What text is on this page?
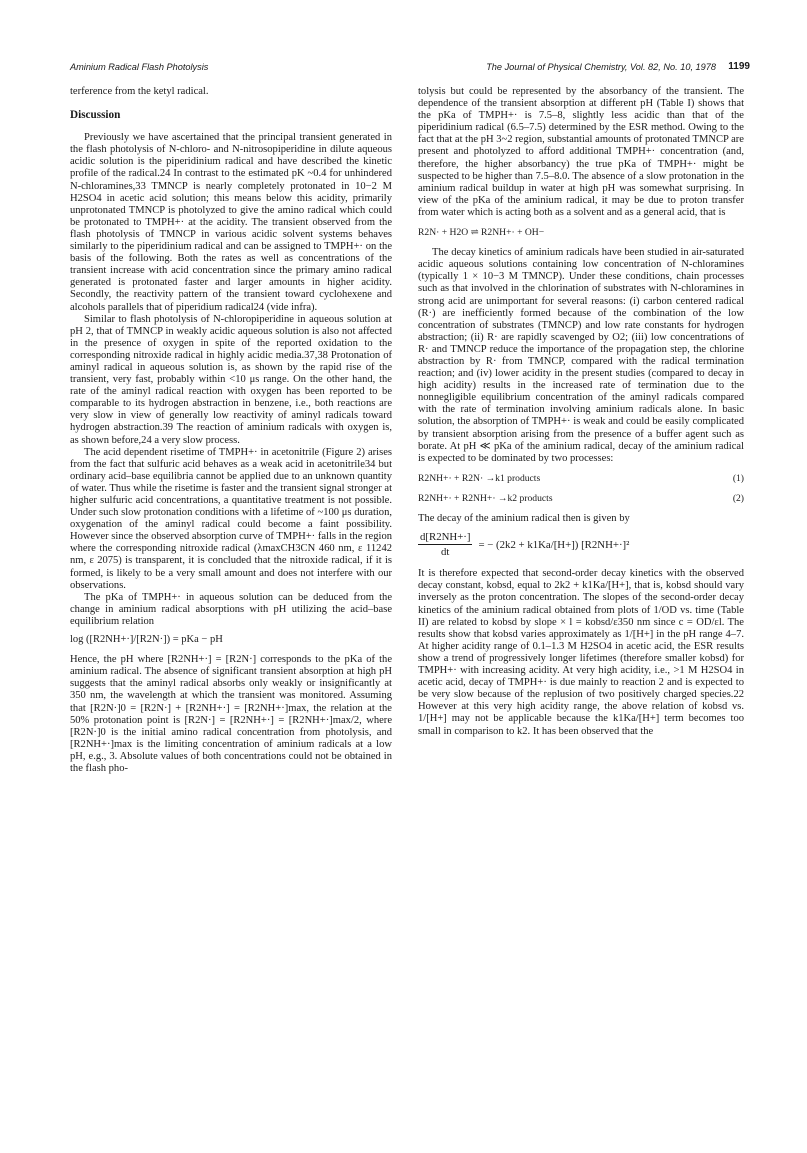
Aminium Radical Flash Photolysis	The Journal of Physical Chemistry, Vol. 82, No. 10, 1978 1199

terference from the ketyl radical.

Discussion

Previously we have ascertained that the principal transient generated in the flash photolysis of N-chloro- and N-nitrosopiperidine in dilute aqueous acidic solution is the piperidinium radical and have described the kinetic profile of the radical.24 In contrast to the estimated pK ~0.4 for unhindered N-chloramines,33 TMNCP is nearly completely protonated in 10−2 M H2SO4 in acetic acid solution; this means below this acidity, primarily unprotonated TMNCP is photolyzed to give the amino radical which could be protonated to TMPH+· at the acidity. The transient observed from the flash photolysis of TMNCP in various acidic solvent systems behaves similarly to the piperidinium radical and can be assigned to TMPH+· on the basis of the following. Both the rates as well as concentrations of the transient increase with acid concentration since the primary amino radical generated is protonated faster and larger amounts in higher acidity. Secondly, the reactivity pattern of the transient toward cyclohexene and alcohols parallels that of piperidium radical24 (vide infra).

Similar to flash photolysis of N-chloropiperidine in aqueous solution at pH 2, that of TMNCP in weakly acidic aqueous solution is also not affected in the presence of oxygen in spite of the reported oxidation to the corresponding nitroxide radical in highly acidic media.37,38 Protonation of aminyl radical in aqueous solution is, as shown by the rapid rise of the transient, very fast, probably within <10 μs range. On the other hand, the rate of the aminyl radical reaction with oxygen has been reported to be comparable to its hydrogen abstraction in benzene, i.e., both reactions are very slow in view of generally low reactivity of aminyl radicals toward hydrogen abstraction.39 The reaction of aminium radicals with oxygen is, as shown before,24 a very slow process.

The acid dependent risetime of TMPH+· in acetonitrile (Figure 2) arises from the fact that sulfuric acid behaves as a weak acid in acetonitrile34 but ordinary acid–base equilibria cannot be applied due to an unknown quantity of water. Thus while the risetime is faster and the transient signal stronger at higher sulfuric acid concentrations, a quantitative treatment is not possible. Under such slow protonation conditions with a lifetime of ~100 μs duration, oxygenation of the aminyl radical could become a faint possibility. However since the observed absorption curve of TMPH+· falls in the region where the corresponding nitroxide radical (λmaxCH3CN 460 nm, ε 11242 nm, ε 2075) is transparent, it is concluded that the nitroxide radical, if it is formed, is likely to be a very small amount and does not interfere with our observations.

The pKa of TMPH+· in aqueous solution can be deduced from the change in aminium radical absorptions with pH utilizing the acid–base equilibrium relation

log ([R2NH+·]/[R2N·]) = pKa − pH

Hence, the pH where [R2NH+·] = [R2N·] corresponds to the pKa of the aminium radical. The absence of significant transient absorption at high pH suggests that the aminyl radical absorbs only weakly or insignificantly at 350 nm, the wavelength at which the transient was monitored. Assuming that [R2N·]0 = [R2N·] + [R2NH+·] = [R2NH+·]max, the relation at the 50% protonation point is [R2N·] = [R2NH+·] = [R2NH+·]max/2, where [R2N·]0 is the initial amino radical concentration from photolysis, and [R2NH+·]max is the limiting concentration of aminium radicals at a low pH, e.g., 3. Absolute values of both concentrations could not be obtained in the flash pho-

tolysis but could be represented by the absorbancy of the transient. The dependence of the transient absorption at different pH (Table I) shows that the pKa of TMPH+· is 7.5–8, slightly less acidic than that of the piperidinium radical (6.5–7.5) determined by the ESR method. Owing to the fact that at the pH 3~2 region, substantial amounts of protonated TMNCP are present and photolyzed to afford additional TMPH+· concentration (and, therefore, the higher absorbancy) the true pKa of TMPH+· might be suspected to be higher than 7.5–8.0. The absence of a slow protonation in the aminium radical buildup in water at high pH was somewhat surprising. In view of the pKa of the aminium radical, it may be due to proton transfer from water which is acting both as a solvent and as a general acid, that is

R2N· + H2O ⇌ R2NH+· + OH−

The decay kinetics of aminium radicals have been studied in air-saturated acidic aqueous solutions containing low concentration of N-chloramines (typically 1 × 10−3 M TMNCP). Under these conditions, chain processes such as that involved in the chlorination of substrates with N-chloramines in strong acid are unimportant for several reasons: (i) carbon centered radical (R·) are inefficiently formed because of the combination of the low concentration of substrates (TMNCP) and low rate constants for hydrogen abstraction; (ii) R· are rapidly scavenged by O2; (iii) low concentrations of R· and TMNCP reduce the importance of the propagation step, the chlorine abstraction by R· from TMNCP, compared with the radical termination reaction; and (iv) lower acidity in the present studies (compared to decay in high acidity) results in the increased rate of termination due to the nonnegligible equilibrium concentration of the aminyl radicals compared with the rate of termination involving aminium radicals alone. In basic solution, the absorption of TMPH+· is weak and could be easily complicated by transient absorption arising from the presence of a buffer agent such as borate. At pH ≪ pKa of the aminium radical, decay of the aminium radical is expected to be dominated by two processes:

R2NH+· + R2N· →k1 products	(1)
R2NH+· + R2NH+· →k2 products	(2)

The decay of the aminium radical then is given by

$\frac{d[R2NH+\cdot]}{dt}$ = − (2k2 + k1Ka/[H+]) [R2NH+·]²

It is therefore expected that second-order decay kinetics with the observed decay constant, kobsd, equal to 2k2 + k1Ka/[H+], that is, kobsd should vary inversely as the proton concentration. The slopes of the second-order decay kinetics of the aminium radical obtained from plots of 1/OD vs. time (Table II) are related to kobsd by slope × l = kobsd/ε350 nm since c = OD/εl. The results show that kobsd varies approximately as 1/[H+] in the pH range 4–7. At higher acidity range of 0.1–1.3 M H2SO4 in acetic acid, the ESR results show a trend of progressively longer lifetimes (therefore smaller kobsd) for TMPH+· with increasing acidity. At very high acidity, i.e., >1 M H2SO4 in acetic acid, decay of TMPH+· is due mainly to reaction 2 and is expected to be very slow because of the replusion of two positively charged species.22 However at this very high acidity range, the above relation of kobsd vs. 1/[H+] may not be applicable because the k1Ka/[H+] term becomes too small in comparison to k2. It has been observed that the
